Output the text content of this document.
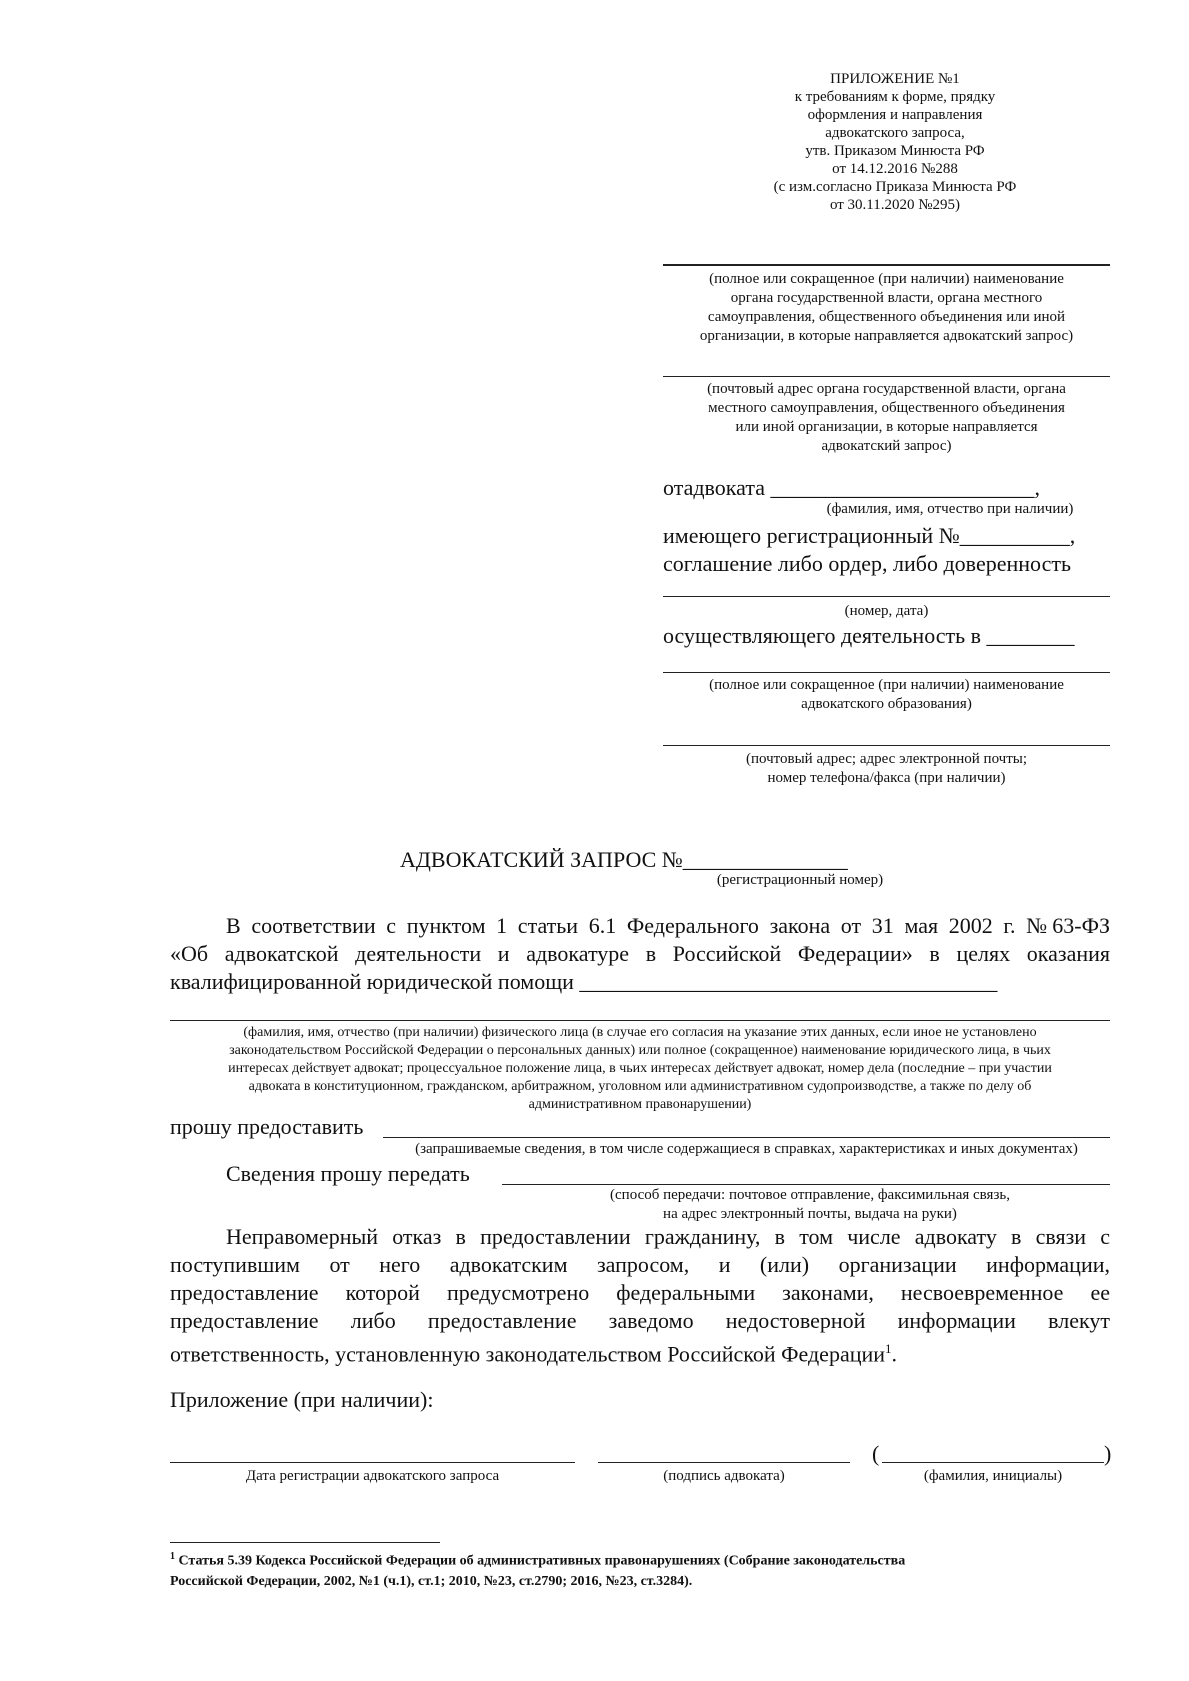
ПРИЛОЖЕНИЕ №1
к требованиям к форме, прядку
оформления и направления
адвокатского запроса,
утв. Приказом Минюста РФ
от 14.12.2016 №288
(с изм.согласно Приказа Минюста РФ
от 30.11.2020 №295)
(полное или сокращенное (при наличии) наименование
органа государственной власти, органа местного
самоуправления, общественного объединения или иной
организации, в которые направляется адвокатский запрос)
(почтовый адрес органа государственной власти, органа
местного самоуправления, общественного объединения
или иной организации, в которые направляется
адвокатский запрос)
отадвоката ________________________,
(фамилия, имя, отчество при наличии)
имеющего регистрационный №__________,
соглашение либо ордер, либо доверенность
(номер, дата)
осуществляющего деятельность в ________
(полное или сокращенное (при наличии) наименование
адвокатского образования)
(почтовый адрес; адрес электронной почты;
номер телефона/факса (при наличии)
АДВОКАТСКИЙ ЗАПРОС №_______________
(регистрационный номер)
В соответствии с пунктом 1 статьи 6.1 Федерального закона от 31 мая 2002 г. №63-ФЗ
«Об адвокатской деятельности и адвокатуре в Российской Федерации» в целях оказания
квалифицированной юридической помощи ______________________________________
(фамилия, имя, отчество (при наличии) физического лица (в случае его согласия на указание этих данных, если иное не установлено
законодательством Российской Федерации о персональных данных) или полное (сокращенное) наименование юридического лица, в чьих
интересах действует адвокат; процессуальное положение лица, в чьих интересах действует адвокат, номер дела (последние – при участии
адвоката в конституционном, гражданском, арбитражном, уголовном или административном судопроизводстве, а также по делу об
административном правонарушении)
прошу предоставить
(запрашиваемые сведения, в том числе содержащиеся в справках, характеристиках и иных документах)
Сведения прошу передать
(способ передачи: почтовое отправление, факсимильная связь,
на адрес электронный почты, выдача на руки)
Неправомерный отказ в предоставлении гражданину, в том числе адвокату в связи с
поступившим от него адвокатским запросом, и (или) организации информации,
предоставление которой предусмотрено федеральными законами, несвоевременное ее
предоставление либо предоставление заведомо недостоверной информации влекут
ответственность, установленную законодательством Российской Федерации$^1$.
Приложение (при наличии):
Дата регистрации адвокатского запроса	(подпись адвоката)
(	)
(фамилия, инициалы)
$^1$ Статья 5.39 Кодекса Российской Федерации об административных правонарушениях (Собрание законодательства
Российской Федерации, 2002, №1 (ч.1), ст.1; 2010, №23, ст.2790; 2016, №23, ст.3284).
